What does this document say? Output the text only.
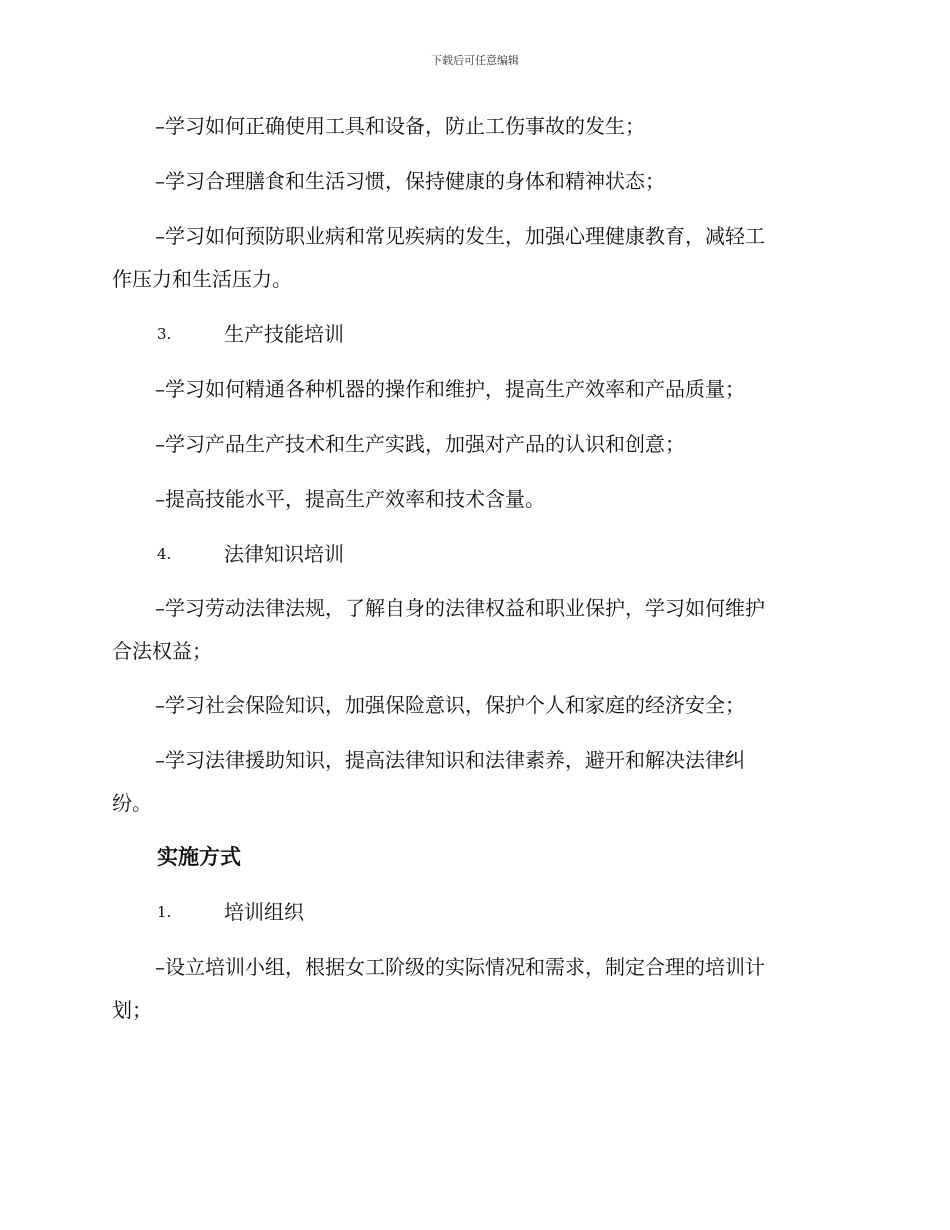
下载后可任意编辑
–学习如何正确使用工具和设备，防止工伤事故的发生；
–学习合理膳食和生活习惯，保持健康的身体和精神状态；
–学习如何预防职业病和常见疾病的发生，加强心理健康教育，减轻工
作压力和生活压力。
3.	生产技能培训
–学习如何精通各种机器的操作和维护，提高生产效率和产品质量；
–学习产品生产技术和生产实践，加强对产品的认识和创意；
–提高技能水平，提高生产效率和技术含量。
4.	法律知识培训
–学习劳动法律法规，了解自身的法律权益和职业保护，学习如何维护
合法权益；
–学习社会保险知识，加强保险意识，保护个人和家庭的经济安全；
–学习法律援助知识，提高法律知识和法律素养，避开和解决法律纠
纷。
实施方式
1.	培训组织
–设立培训小组，根据女工阶级的实际情况和需求，制定合理的培训计
划；
